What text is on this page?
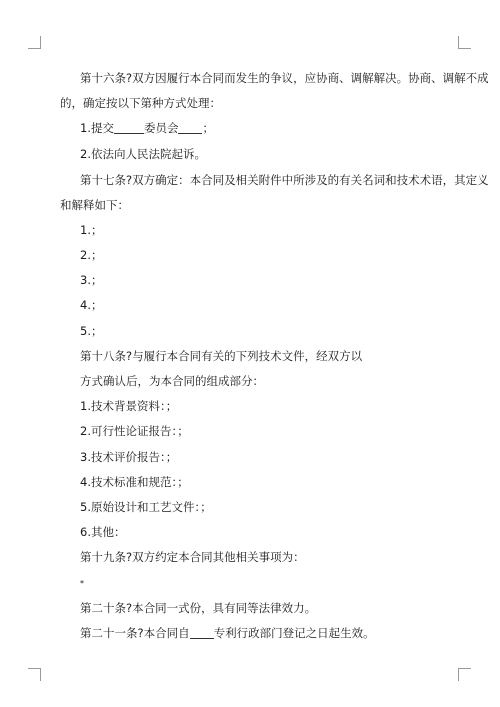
第十六条?双方因履行本合同而发生的争议，应协商、调解解决。协商、调解不成
的，确定按以下第种方式处理：
1.提交	委员会 ；
2.依法向人民法院起诉。
第十七条?双方确定：本合同及相关附件中所涉及的有关名词和技术术语，其定义
和解释如下：
1.；
2.；
3.；
4.；
5.；
第十八条?与履行本合同有关的下列技术文件，经双方以
方式确认后，为本合同的组成部分：
1.技术背景资料：；
2.可行性论证报告：；
3.技术评价报告：；
4.技术标准和规范：；
5.原始设计和工艺文件：；
6.其他：
第十九条?双方约定本合同其他相关事项为：
*
第二十条?本合同一式份，具有同等法律效力。
第二十一条?本合同自 专利行政部门登记之日起生效。
